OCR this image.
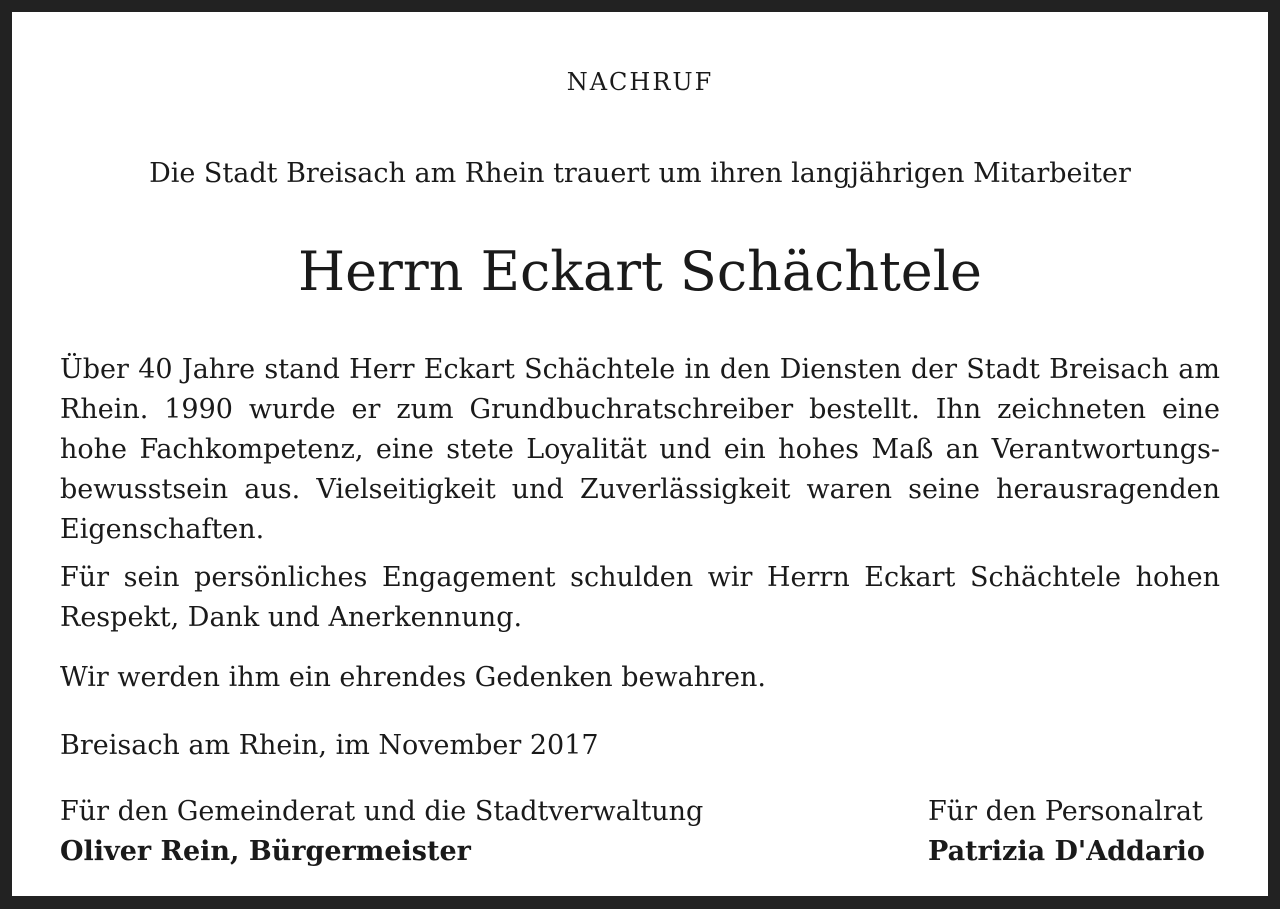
NACHRUF
Die Stadt Breisach am Rhein trauert um ihren langjährigen Mitarbeiter
Herrn Eckart Schächtele
Über 40 Jahre stand Herr Eckart Schächtele in den Diensten der Stadt Breisach am Rhein. 1990 wurde er zum Grundbuchratschreiber bestellt. Ihn zeichneten eine hohe Fachkompetenz, eine stete Loyalität und ein hohes Maß an Verantwortungsbewusstsein aus. Vielseitigkeit und Zuverlässigkeit waren seine herausragenden Eigenschaften.
Für sein persönliches Engagement schulden wir Herrn Eckart Schächtele hohen Respekt, Dank und Anerkennung.
Wir werden ihm ein ehrendes Gedenken bewahren.
Breisach am Rhein, im November 2017
Für den Gemeinderat und die Stadtverwaltung
Oliver Rein, Bürgermeister
Für den Personalrat
Patrizia D'Addario
